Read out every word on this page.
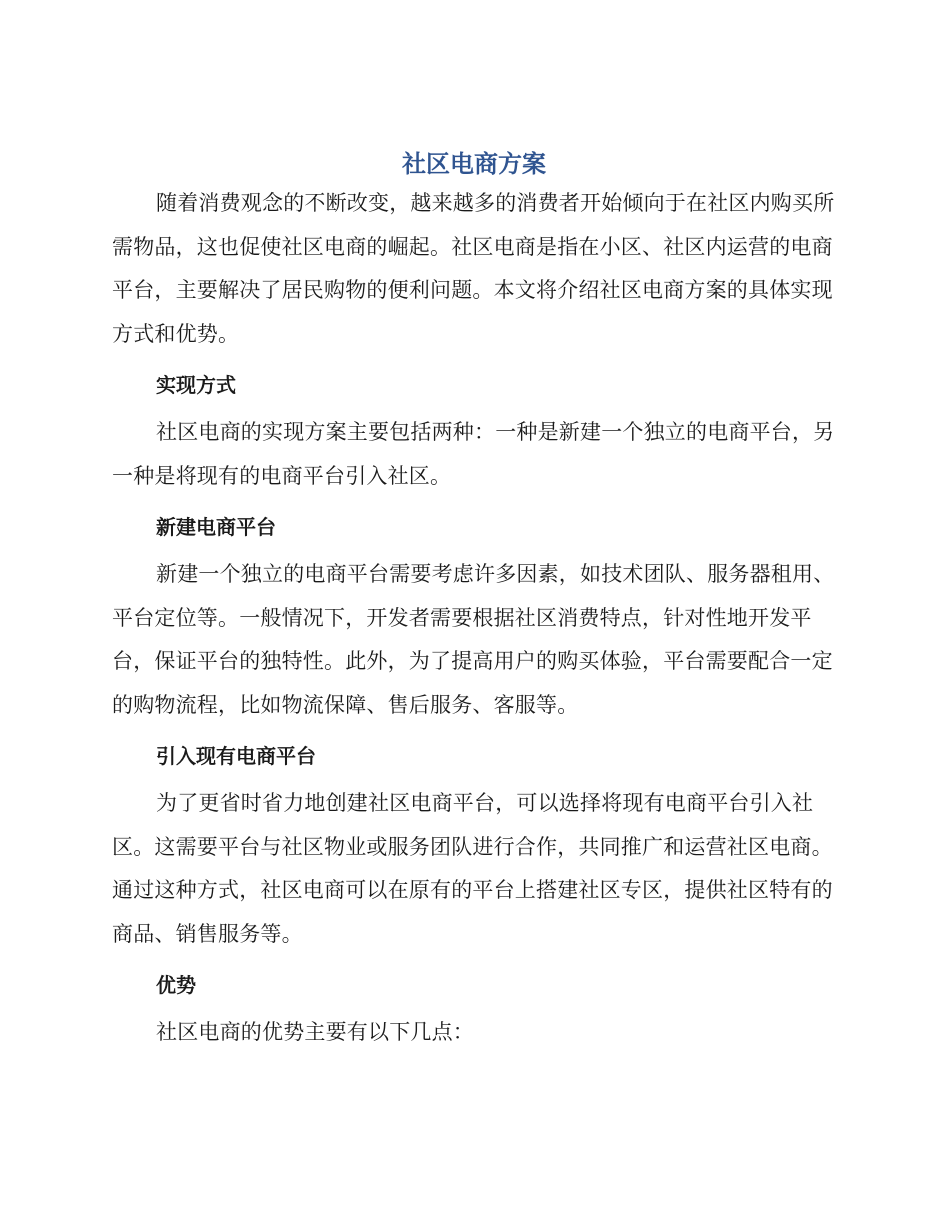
社区电商方案

随着消费观念的不断改变，越来越多的消费者开始倾向于在社区内购买所需物品，这也促使社区电商的崛起。社区电商是指在小区、社区内运营的电商平台，主要解决了居民购物的便利问题。本文将介绍社区电商方案的具体实现方式和优势。

实现方式

社区电商的实现方案主要包括两种：一种是新建一个独立的电商平台，另一种是将现有的电商平台引入社区。

新建电商平台

新建一个独立的电商平台需要考虑许多因素，如技术团队、服务器租用、平台定位等。一般情况下，开发者需要根据社区消费特点，针对性地开发平台，保证平台的独特性。此外，为了提高用户的购买体验，平台需要配合一定的购物流程，比如物流保障、售后服务、客服等。

引入现有电商平台

为了更省时省力地创建社区电商平台，可以选择将现有电商平台引入社区。这需要平台与社区物业或服务团队进行合作，共同推广和运营社区电商。通过这种方式，社区电商可以在原有的平台上搭建社区专区，提供社区特有的商品、销售服务等。

优势

社区电商的优势主要有以下几点：
